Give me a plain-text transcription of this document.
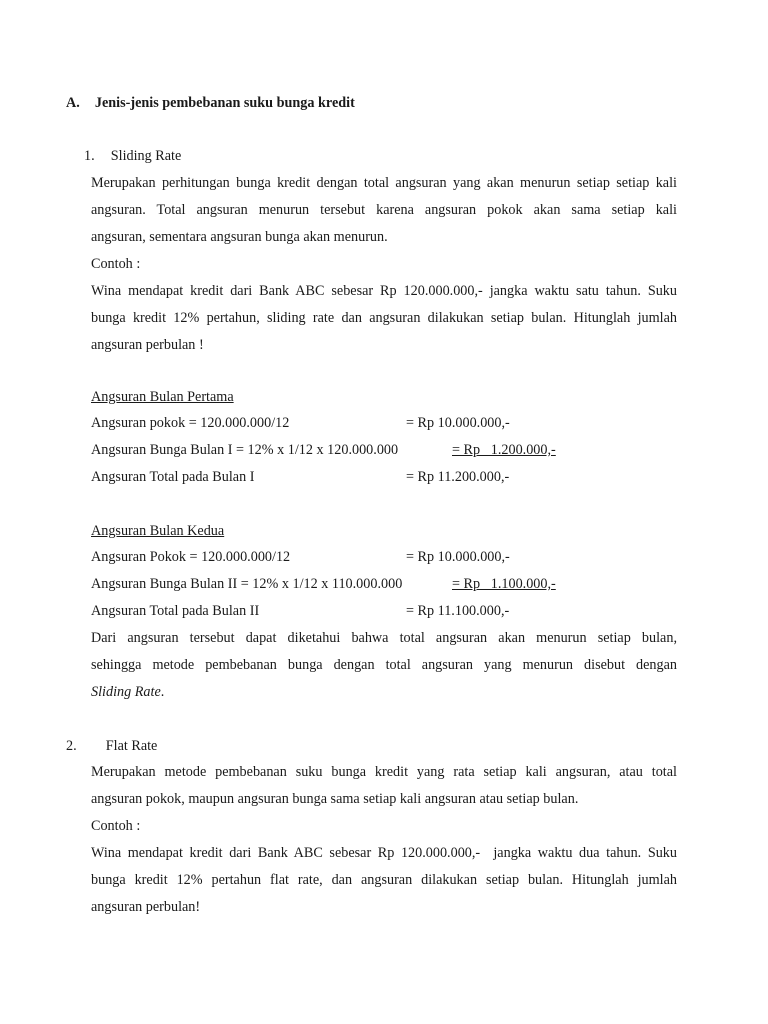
A. Jenis-jenis pembebanan suku bunga kredit
1. Sliding Rate
Merupakan perhitungan bunga kredit dengan total angsuran yang akan menurun setiap setiap kali
angsuran. Total angsuran menurun tersebut karena angsuran pokok akan sama setiap kali
angsuran, sementara angsuran bunga akan menurun.
Contoh :
Wina mendapat kredit dari Bank ABC sebesar Rp 120.000.000,- jangka waktu satu tahun. Suku
bunga kredit 12% pertahun, sliding rate dan angsuran dilakukan setiap bulan. Hitunglah jumlah
angsuran perbulan !
Angsuran Bulan Pertama
Angsuran pokok = 120.000.000/12	= Rp 10.000.000,-
Angsuran Bunga Bulan I = 12% x 1/12 x 120.000.000	= Rp   1.200.000,-
Angsuran Total pada Bulan I	= Rp 11.200.000,-
Angsuran Bulan Kedua
Angsuran Pokok = 120.000.000/12	= Rp 10.000.000,-
Angsuran Bunga Bulan II = 12% x 1/12 x 110.000.000	= Rp   1.100.000,-
Angsuran Total pada Bulan II	= Rp 11.100.000,-
Dari angsuran tersebut dapat diketahui bahwa total angsuran akan menurun setiap bulan,
sehingga metode pembebanan bunga dengan total angsuran yang menurun disebut dengan
Sliding Rate.
2. Flat Rate
Merupakan metode pembebanan suku bunga kredit yang rata setiap kali angsuran, atau total
angsuran pokok, maupun angsuran bunga sama setiap kali angsuran atau setiap bulan.
Contoh :
Wina mendapat kredit dari Bank ABC sebesar Rp 120.000.000,-  jangka waktu dua tahun. Suku
bunga kredit 12% pertahun flat rate, dan angsuran dilakukan setiap bulan. Hitunglah jumlah
angsuran perbulan!
